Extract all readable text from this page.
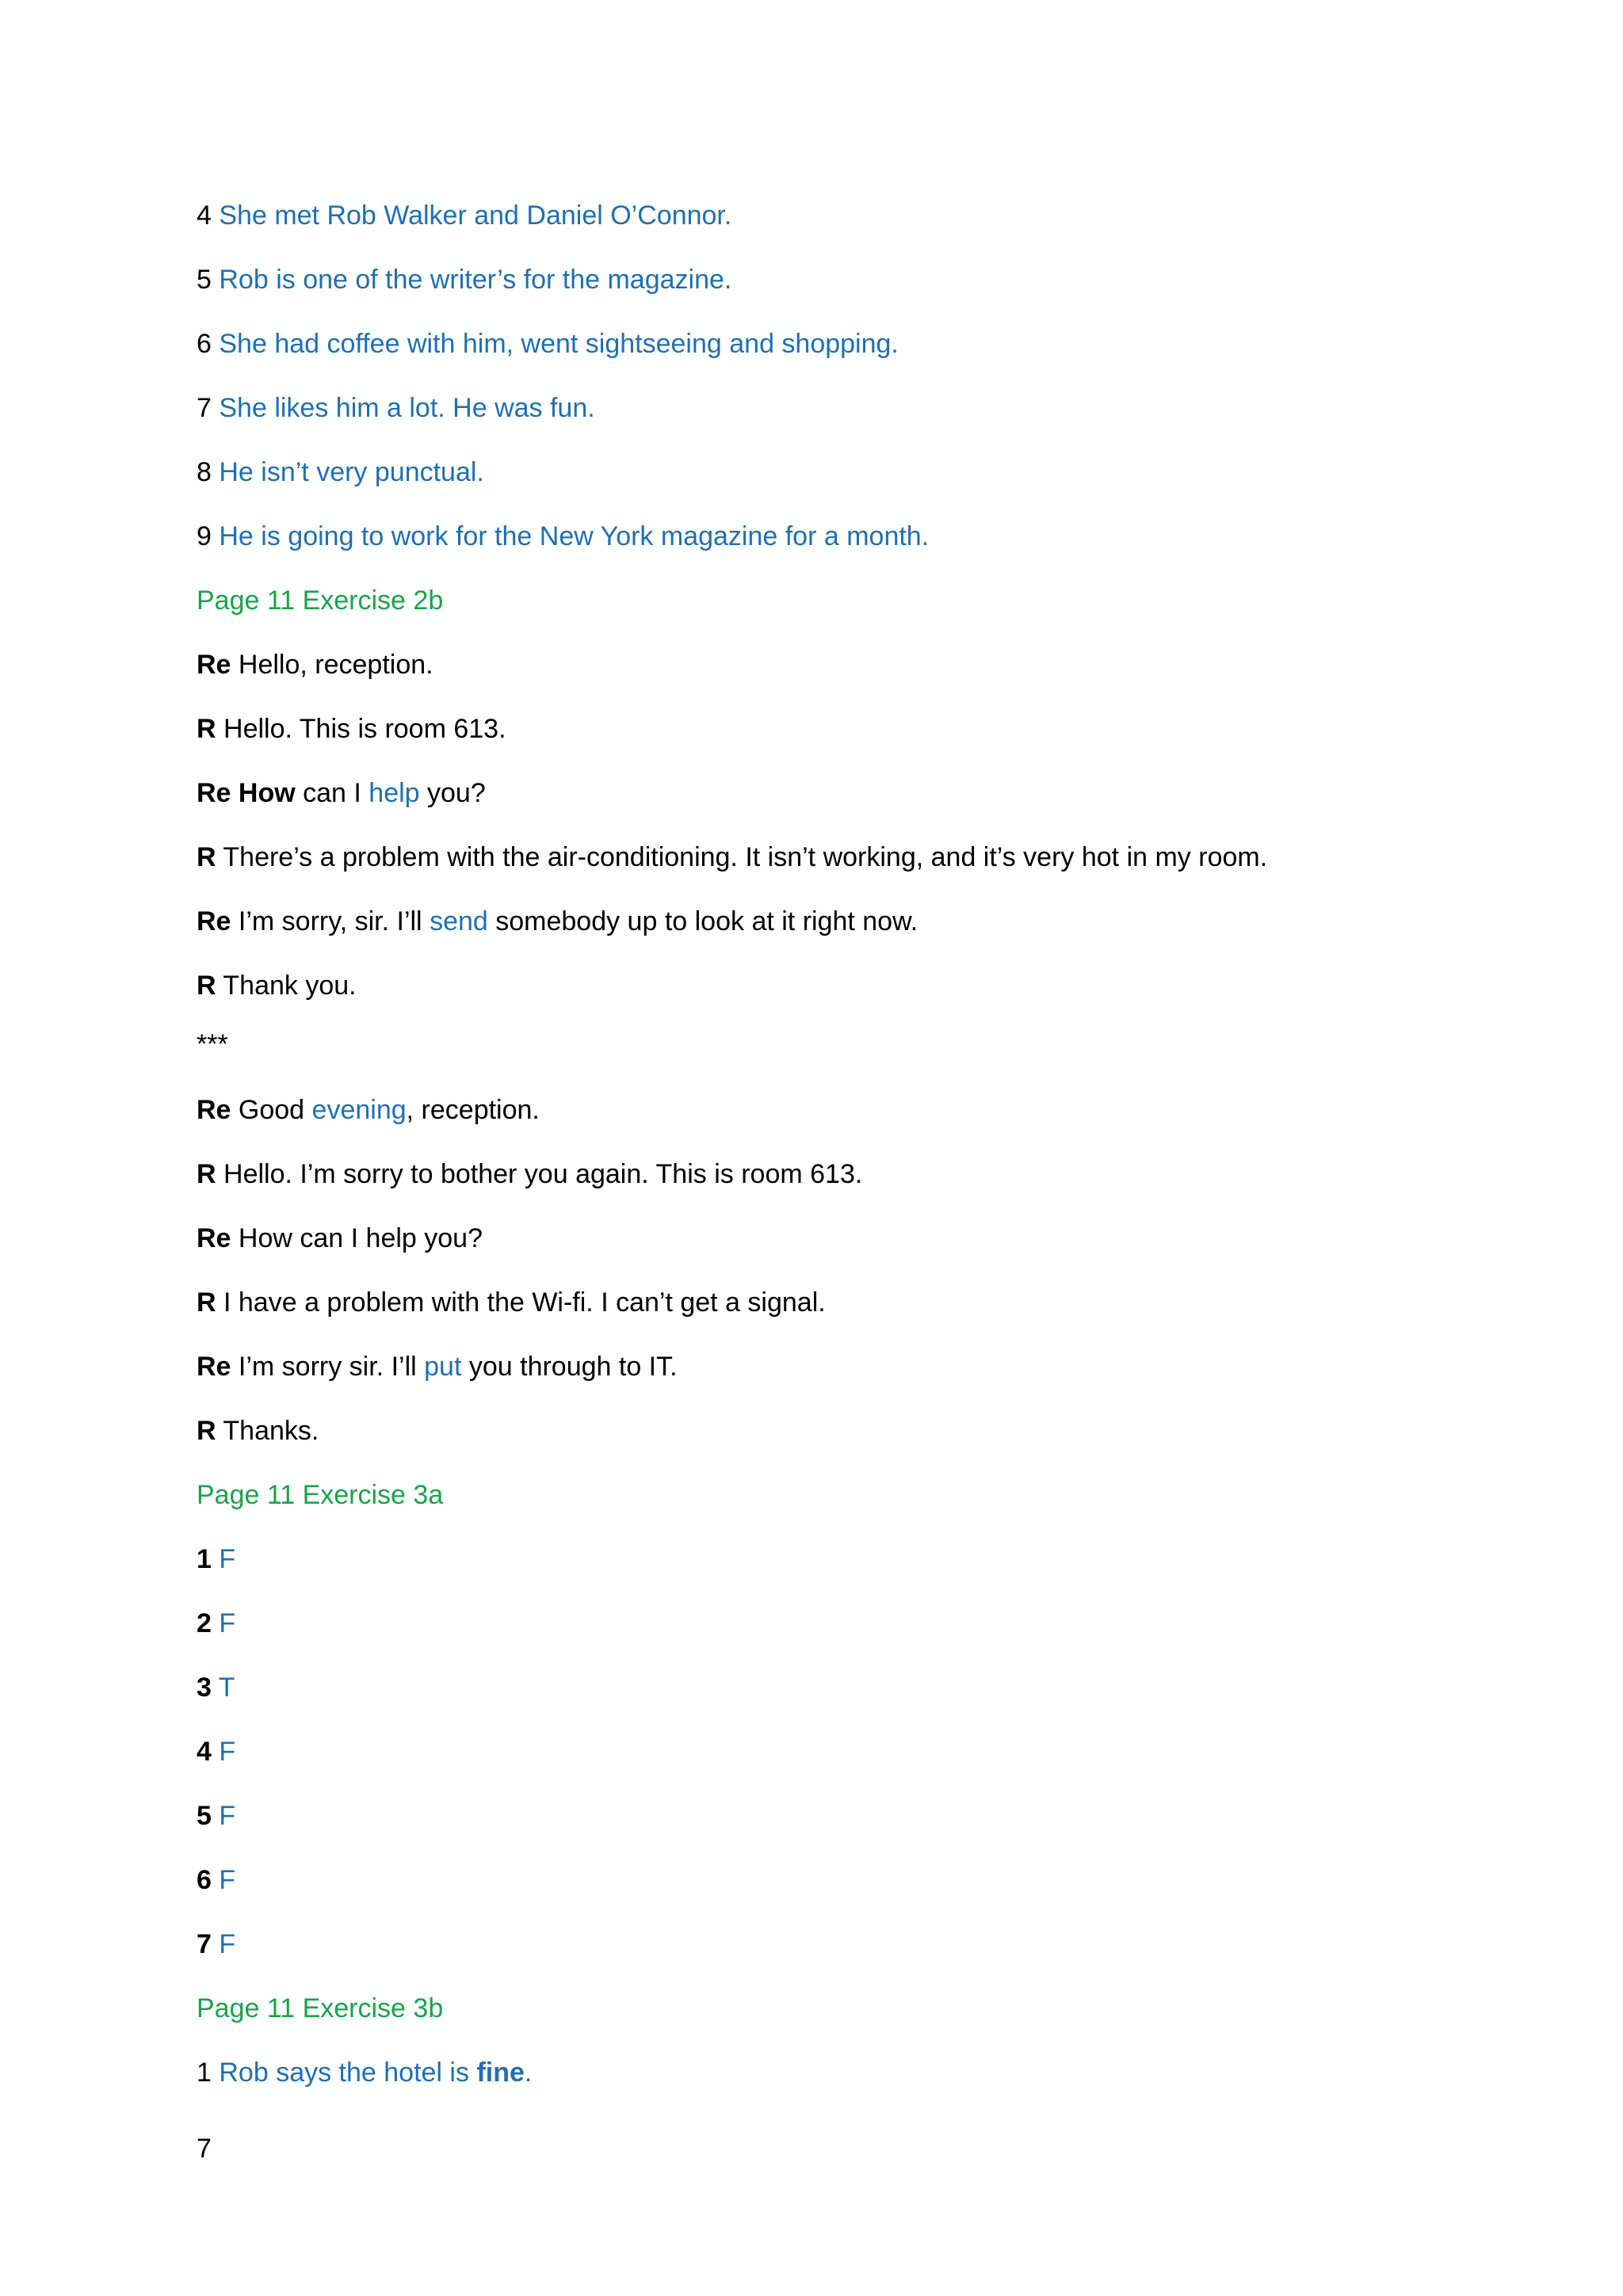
4 She met Rob Walker and Daniel O’Connor.
5 Rob is one of the writer’s for the magazine.
6 She had coffee with him, went sightseeing and shopping.
7 She likes him a lot. He was fun.
8 He isn’t very punctual.
9 He is going to work for the New York magazine for a month.
Page 11 Exercise 2b
Re Hello, reception.
R Hello. This is room 613.
Re How can I help you?
R There’s a problem with the air-conditioning. It isn’t working, and it’s very hot in my room.
Re I’m sorry, sir. I’ll send somebody up to look at it right now.
R Thank you.
***
Re Good evening, reception.
R Hello. I’m sorry to bother you again. This is room 613.
Re How can I help you?
R I have a problem with the Wi-fi. I can’t get a signal.
Re I’m sorry sir. I’ll put you through to IT.
R Thanks.
Page 11 Exercise 3a
1 F
2 F
3 T
4 F
5 F
6 F
7 F
Page 11 Exercise 3b
1 Rob says the hotel is fine.
7
